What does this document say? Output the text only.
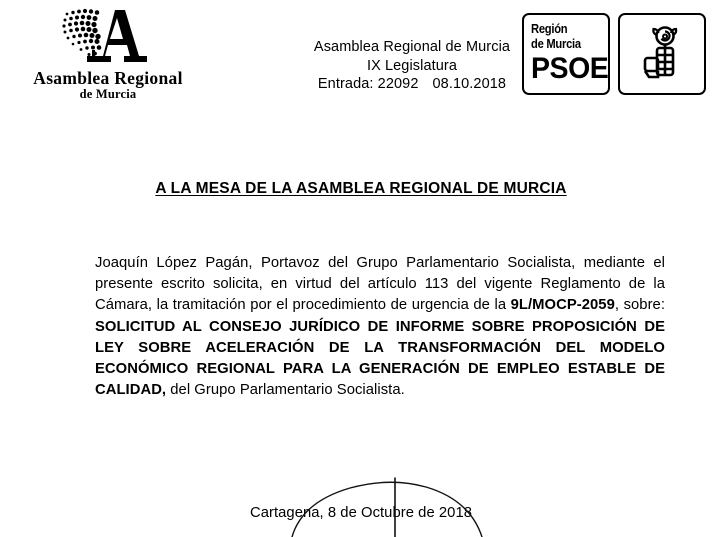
Asamblea Regional
de Murcia
Asamblea Regional de Murcia
IX Legislatura
Entrada: 22092 08.10.2018
Región
de Murcia
PSOE
A LA MESA DE LA ASAMBLEA REGIONAL DE MURCIA
Joaquín López Pagán, Portavoz del Grupo Parlamentario Socialista, mediante el presente escrito solicita, en virtud del artículo 113 del vigente Reglamento de la Cámara, la tramitación por el procedimiento de urgencia de la 9L/MOCP-2059, sobre: SOLICITUD AL CONSEJO JURÍDICO DE INFORME SOBRE PROPOSICIÓN DE LEY SOBRE ACELERACIÓN DE LA TRANSFORMACIÓN DEL MODELO ECONÓMICO REGIONAL PARA LA GENERACIÓN DE EMPLEO ESTABLE DE CALIDAD, del Grupo Parlamentario Socialista.
Cartagena, 8 de Octubre de 2018
